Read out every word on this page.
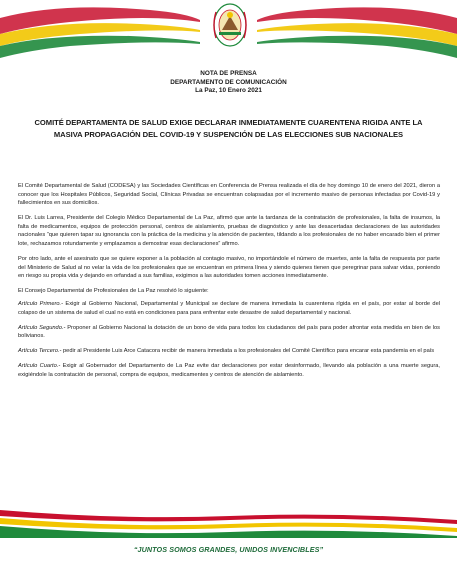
NOTA DE PRENSA
DEPARTAMENTO DE COMUNICACIÓN
La Paz, 10 Enero 2021
COMITÉ DEPARTAMENTA DE SALUD EXIGE DECLARAR INMEDIATAMENTE CUARENTENA RIGIDA ANTE LA MASIVA PROPAGACIÓN DEL COVID-19 Y SUSPENCIÓN DE LAS ELECCIONES SUB NACIONALES

El Comité Departamental de Salud (CODESA) y las Sociedades Científicas en Conferencia de Prensa realizada el día de hoy domingo 10 de enero del 2021, dieron a conocer que los Hospitales Públicos, Seguridad Social, Clínicas Privadas se encuentran colapsadas por el incremento masivo de personas infectadas por Covid-19 y fallecimientos en sus domicilios.

El Dr. Luis Larrea, Presidente del Colegio Médico Departamental de La Paz, afirmó que ante la tardanza de la contratación de profesionales, la falta de insumos, la falta de medicamentos, equipos de protección personal, centros de aislamiento, pruebas de diagnóstico y ante las desacertadas declaraciones de las autoridades nacionales “que quieren tapar su ignorancia con la práctica de la medicina y la atención de pacientes, tildando a los profesionales de no haber encarado bien el primer lote, rechazamos rotundamente y emplazamos a demostrar esas declaraciones” afirmo.

Por otro lado, ante el asesinato que se quiere exponer a la población al contagio masivo, no importándole el número de muertes, ante la falta de respuesta por parte del Ministerio de Salud al no velar la vida de los profesionales que se encuentran en primera línea y siendo quienes tienen que peregrinar para salvar vidas, poniendo en riesgo su propia vida y dejando en orfandad a sus familias, exigimos a las autoridades tomen acciones inmediatamente.

El Consejo Departamental de Profesionales de La Paz resolvió lo siguiente:

Artículo Primero.- Exigir al Gobierno Nacional, Departamental y Municipal se declare de manera inmediata la cuarentena rígida en el país, por estar al borde del colapso de un sistema de salud el cual no está en condiciones para para enfrentar este desastre de salud departamental y nacional.

Artículo Segundo.- Proponer al Gobierno Nacional la dotación de un bono de vida para todos los ciudadanos del país para poder afrontar esta medida en bien de los bolivianos.

Artículo Tercero.- pedir al Presidente Luis Arce Catacora recibir de manera inmediata a los profesionales del Comité Científico para encarar esta pandemia en el país

Artículo Cuarto.- Exigir al Gobernador del Departamento de La Paz evite dar declaraciones por estar desinformado, llevando ala población a una muerte segura, exigiéndole la contratación de personal, compra de equipos, medicamentes y centros de atención de aislamiento.

“JUNTOS SOMOS GRANDES, UNIDOS INVENCIBLES”
